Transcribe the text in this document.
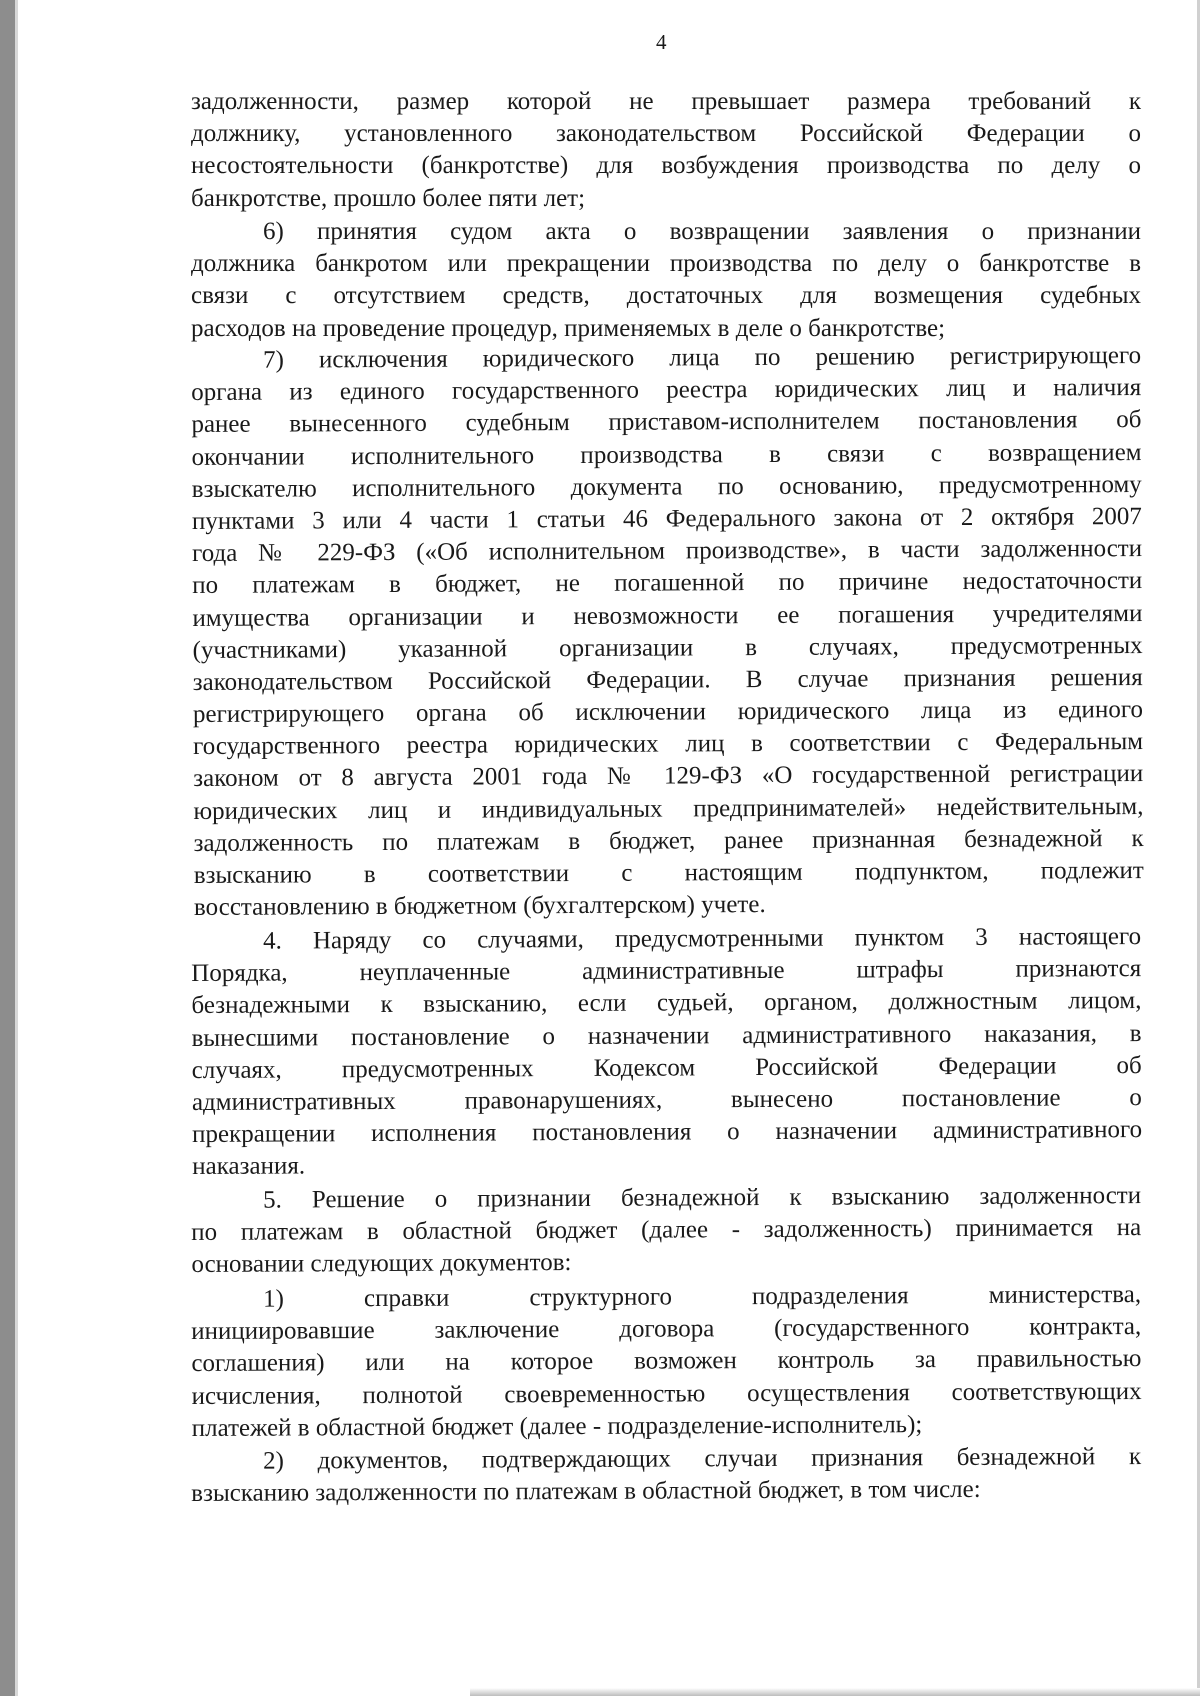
4
задолженности, размер которой не превышает размера требований к
должнику, установленного законодательством Российской Федерации о
несостоятельности (банкротстве) для возбуждения производства по делу о
банкротстве, прошло более пяти лет;
6) принятия судом акта о возвращении заявления о признании
должника банкротом или прекращении производства по делу о банкротстве в
связи с отсутствием средств, достаточных для возмещения судебных
расходов на проведение процедур, применяемых в деле о банкротстве;
7) исключения юридического лица по решению регистрирующего
органа из единого государственного реестра юридических лиц и наличия
ранее вынесенного судебным приставом-исполнителем постановления об
окончании исполнительного производства в связи с возвращением
взыскателю исполнительного документа по основанию, предусмотренному
пунктами 3 или 4 части 1 статьи 46 Федерального закона от 2 октября 2007
года № 229-ФЗ («Об исполнительном производстве», в части задолженности
по платежам в бюджет, не погашенной по причине недостаточности
имущества организации и невозможности ее погашения учредителями
(участниками) указанной организации в случаях, предусмотренных
законодательством Российской Федерации. В случае признания решения
регистрирующего органа об исключении юридического лица из единого
государственного реестра юридических лиц в соответствии с Федеральным
законом от 8 августа 2001 года № 129-ФЗ «О государственной регистрации
юридических лиц и индивидуальных предпринимателей» недействительным,
задолженность по платежам в бюджет, ранее признанная безнадежной к
взысканию в соответствии с настоящим подпунктом, подлежит
восстановлению в бюджетном (бухгалтерском) учете.
4. Наряду со случаями, предусмотренными пунктом 3 настоящего
Порядка, неуплаченные административные штрафы признаются
безнадежными к взысканию, если судьей, органом, должностным лицом,
вынесшими постановление о назначении административного наказания, в
случаях, предусмотренных Кодексом Российской Федерации об
административных правонарушениях, вынесено постановление о
прекращении исполнения постановления о назначении административного
наказания.
5. Решение о признании безнадежной к взысканию задолженности
по платежам в областной бюджет (далее - задолженность) принимается на
основании следующих документов:
1) справки структурного подразделения министерства,
инициировавшие заключение договора (государственного контракта,
соглашения) или на которое возможен контроль за правильностью
исчисления, полнотой своевременностью осуществления соответствующих
платежей в областной бюджет (далее - подразделение-исполнитель);
2) документов, подтверждающих случаи признания безнадежной к
взысканию задолженности по платежам в областной бюджет, в том числе:
